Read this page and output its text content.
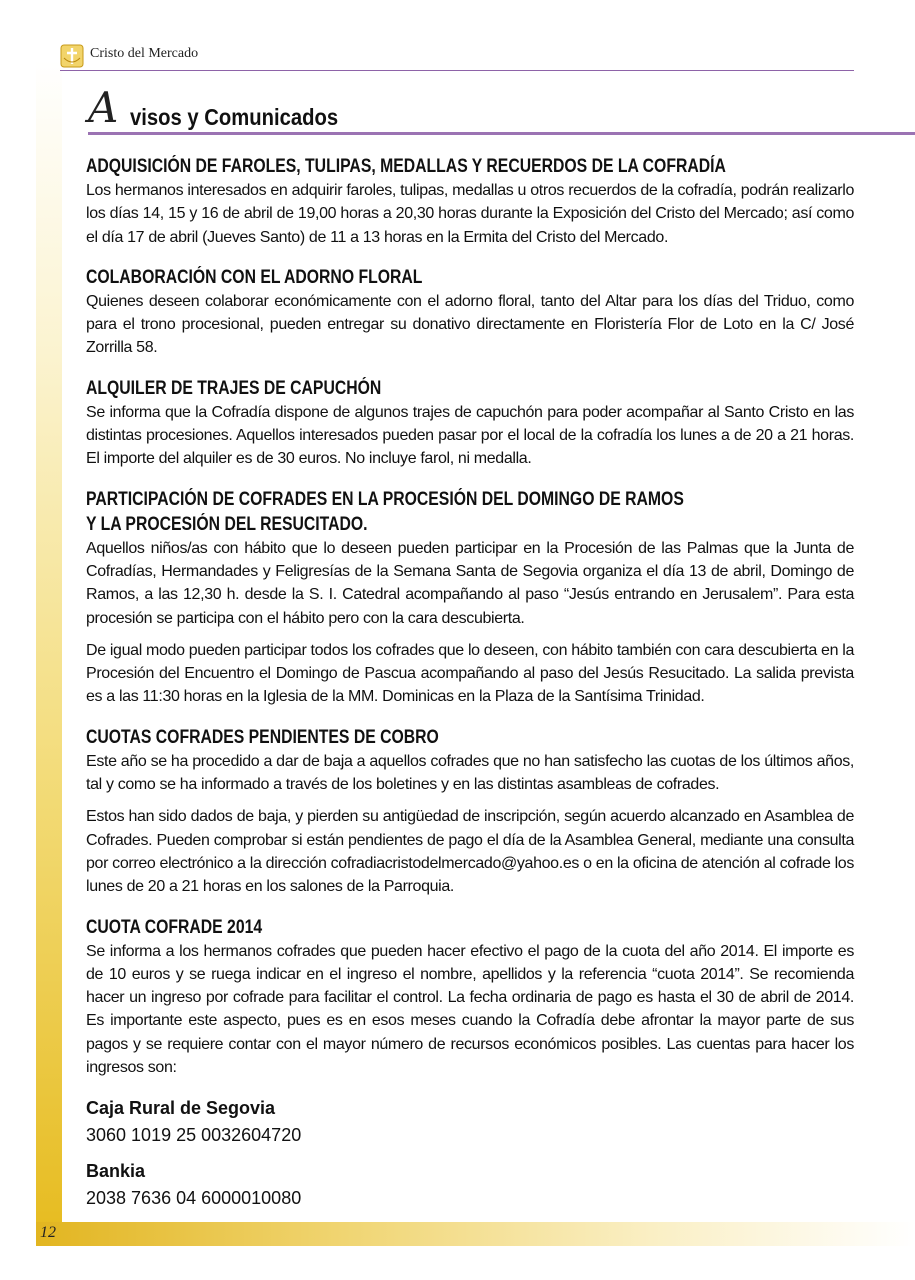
12
Cristo del Mercado
A visos y Comunicados

ADQUISICIÓN DE FAROLES, TULIPAS, MEDALLAS Y RECUERDOS DE LA COFRADÍA

Los hermanos interesados en adquirir faroles, tulipas, medallas u otros recuerdos de la cofradía, podrán realizarlo los días 14, 15 y 16 de abril de 19,00 horas a 20,30 horas durante la Exposición del Cristo del Mercado; así como el día 17 de abril (Jueves Santo) de 11 a 13 horas en la Ermita del Cristo del Mercado.

COLABORACIÓN CON EL ADORNO FLORAL

Quienes deseen colaborar económicamente con el adorno floral, tanto del Altar para los días del Triduo, como para el trono procesional, pueden entregar su donativo directamente en Floristería Flor de Loto en la C/ José Zorrilla 58.

ALQUILER DE TRAJES DE CAPUCHÓN

Se informa que la Cofradía dispone de algunos trajes de capuchón para poder acompañar al Santo Cristo en las distintas procesiones. Aquellos interesados pueden pasar por el local de la cofradía los lunes a de 20 a 21 horas. El importe del alquiler es de 30 euros. No incluye farol, ni medalla.

PARTICIPACIÓN DE COFRADES EN LA PROCESIÓN DEL DOMINGO DE RAMOS

Y LA PROCESIÓN DEL RESUCITADO.

Aquellos niños/as con hábito que lo deseen pueden participar en la Procesión de las Palmas que la Junta de Cofradías, Hermandades y Feligresías de la Semana Santa de Segovia organiza el día 13 de abril, Domingo de Ramos, a las 12,30 h. desde la S. I. Catedral acompañando al paso “Jesús entrando en Jerusalem”. Para esta procesión se participa con el hábito pero con la cara descubierta.

De igual modo pueden participar todos los cofrades que lo deseen, con hábito también con cara descubierta en la Procesión del Encuentro el Domingo de Pascua acompañando al paso del Jesús Resucitado. La salida prevista es a las 11:30 horas en la Iglesia de la MM. Dominicas en la Plaza de la Santísima Trinidad.

CUOTAS COFRADES PENDIENTES DE COBRO

Este año se ha procedido a dar de baja a aquellos cofrades que no han satisfecho las cuotas de los últimos años, tal y como se ha informado a través de los boletines y en las distintas asambleas de cofrades.

Estos han sido dados de baja, y pierden su antigüedad de inscripción, según acuerdo alcanzado en Asamblea de Cofrades. Pueden comprobar si están pendientes de pago el día de la Asamblea General, mediante una consulta por correo electrónico a la dirección cofradiacristodelmercado@yahoo.es o en la oficina de atención al cofrade los lunes de 20 a 21 horas en los salones de la Parroquia.

CUOTA COFRADE 2014

Se informa a los hermanos cofrades que pueden hacer efectivo el pago de la cuota del año 2014. El importe es de 10 euros y se ruega indicar en el ingreso el nombre, apellidos y la referencia “cuota 2014”. Se recomienda hacer un ingreso por cofrade para facilitar el control. La fecha ordinaria de pago es hasta el 30 de abril de 2014. Es importante este aspecto, pues es en esos meses cuando la Cofradía debe afrontar la mayor parte de sus pagos y se requiere contar con el mayor número de recursos económicos posibles. Las cuentas para hacer los ingresos son:

Caja Rural de Segovia

3060 1019 25 0032604720

Bankia

2038 7636 04 6000010080
